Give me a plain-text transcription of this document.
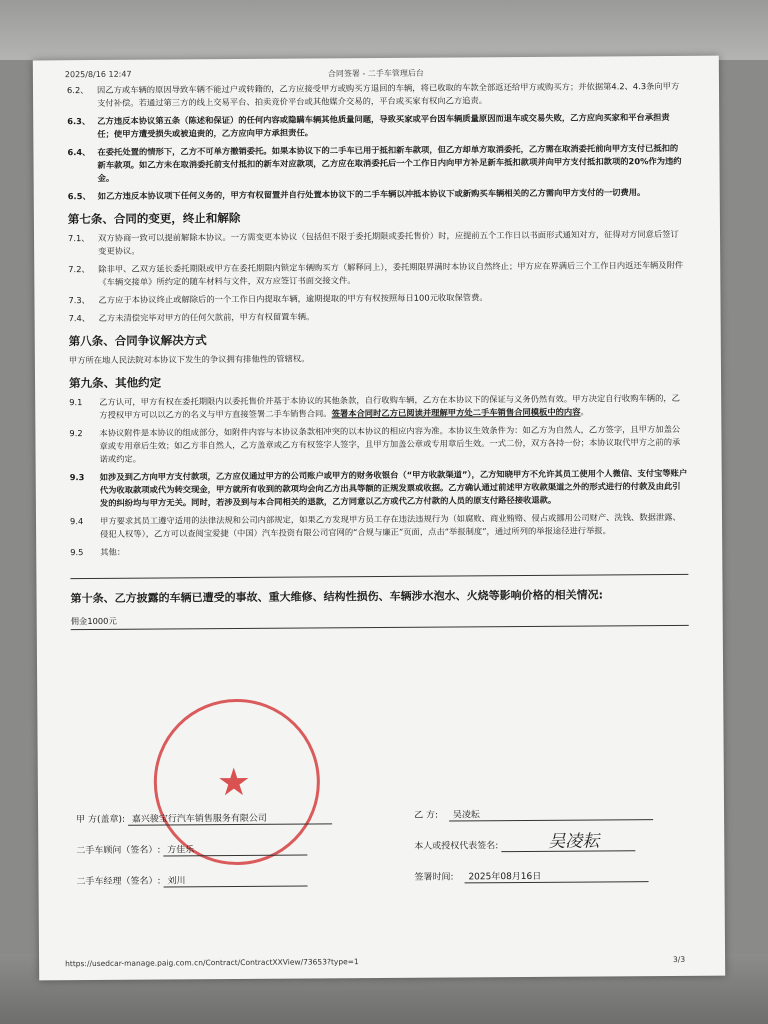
2025/8/16 12:47	合同签署 - 二手车管理后台
6.2、	因乙方或车辆的原因导致车辆不能过户或转籍的，乙方应接受甲方或购买方退回的车辆，将已收取的车款全部返还给甲方或购买方；并依据第4.2、4.3条向甲方支付补偿。若通过第三方的线上交易平台、拍卖竞价平台或其他媒介交易的，平台或买家有权向乙方追责。
6.3、 乙方违反本协议第五条（陈述和保证）的任何内容或隐瞒车辆其他质量问题，导致买家或平台因车辆质量原因而退车或交易失败，乙方应向买家和平台承担责任；使甲方遭受损失或被追责的，乙方应向甲方承担责任。
6.4、 在委托处置的情形下，乙方不可单方撤销委托。如果本协议下的二手车已用于抵扣新车款项，但乙方却单方取消委托，乙方需在取消委托前向甲方支付已抵扣的新车款项。如乙方未在取消委托前支付抵扣的新车对应款项，乙方应在取消委托后一个工作日内向甲方补足新车抵扣款项并向甲方支付抵扣款项的20%作为违约金。
6.5、 如乙方违反本协议项下任何义务的，甲方有权留置并自行处置本协议下的二手车辆以冲抵本协议下或新购买车辆相关的乙方需向甲方支付的一切费用。
第七条、合同的变更，终止和解除
7.1、	双方协商一致可以提前解除本协议。一方需变更本协议（包括但不限于委托期限或委托售价）时，应提前五个工作日以书面形式通知对方，征得对方同意后签订变更协议。
7.2、	除非甲、乙双方延长委托期限或甲方在委托期限内锁定车辆购买方（解释同上），委托期限界满时本协议自然终止；甲方应在界满后三个工作日内返还车辆及附件《车辆交接单》所约定的随车材料与文件，双方应签订书面交接文件。
7.3、	乙方应于本协议终止或解除后的一个工作日内提取车辆，逾期提取的甲方有权按照每日100元收取保管费。
7.4、	乙方未清偿完毕对甲方的任何欠款前，甲方有权留置车辆。
第八条、合同争议解决方式
甲方所在地人民法院对本协议下发生的争议拥有排他性的管辖权。
第九条、其他约定
9.1	乙方认可，甲方有权在委托期限内以委托售价并基于本协议的其他条款，自行收购车辆，乙方在本协议下的保证与义务仍然有效。甲方决定自行收购车辆的，乙方授权甲方可以以乙方的名义与甲方直接签署二手车销售合同。签署本合同时乙方已阅读并理解甲方处二手车销售合同模板中的内容。
9.2	本协议附件是本协议的组成部分，如附件内容与本协议条款相冲突的以本协议的相应内容为准。本协议生效条件为：如乙方为自然人，乙方签字，且甲方加盖公章或专用章后生效；如乙方非自然人，乙方盖章或乙方有权签字人签字，且甲方加盖公章或专用章后生效。一式二份，双方各持一份；本协议取代甲方之前的承诺或约定。
9.3	如涉及到乙方向甲方支付款项，乙方应仅通过甲方的公司账户或甲方的财务收银台（“甲方收款渠道”），乙方知晓甲方不允许其员工使用个人微信、支付宝等账户代为收取款项或代为转交现金，甲方就所有收到的款项均会向乙方出具等额的正规发票或收据。乙方确认通过前述甲方收款渠道之外的形式进行的付款及由此引发的纠纷均与甲方无关。同时，若涉及到与本合同相关的退款，乙方同意以乙方或代乙方付款的人员的原支付路径接收退款。
9.4	甲方要求其员工遵守适用的法律法规和公司内部规定，如果乙方发现甲方员工存在违法违规行为（如腐败、商业贿赂、侵占或挪用公司财产、洗钱、数据泄露、侵犯人权等），乙方可以查阅宝爱捷（中国）汽车投资有限公司官网的“合规与廉正”页面，点击“举报制度”，通过所列的举报途径进行举报。
9.5	其他：
第十条、乙方披露的车辆已遭受的事故、重大维修、结构性损伤、车辆涉水泡水、火烧等影响价格的相关情况:
佣金1000元
★
甲 方(盖章): 嘉兴骏宝行汽车销售服务有限公司
二手车顾问（签名）: 方佳乐
二手车经理（签名）: 刘川
乙 方: 吴凌耘
本人或授权代表签名:	吴凌耘
签署时间: 2025年08月16日
https://usedcar-manage.paig.com.cn/Contract/ContractXXView/73653?type=1	3/3
